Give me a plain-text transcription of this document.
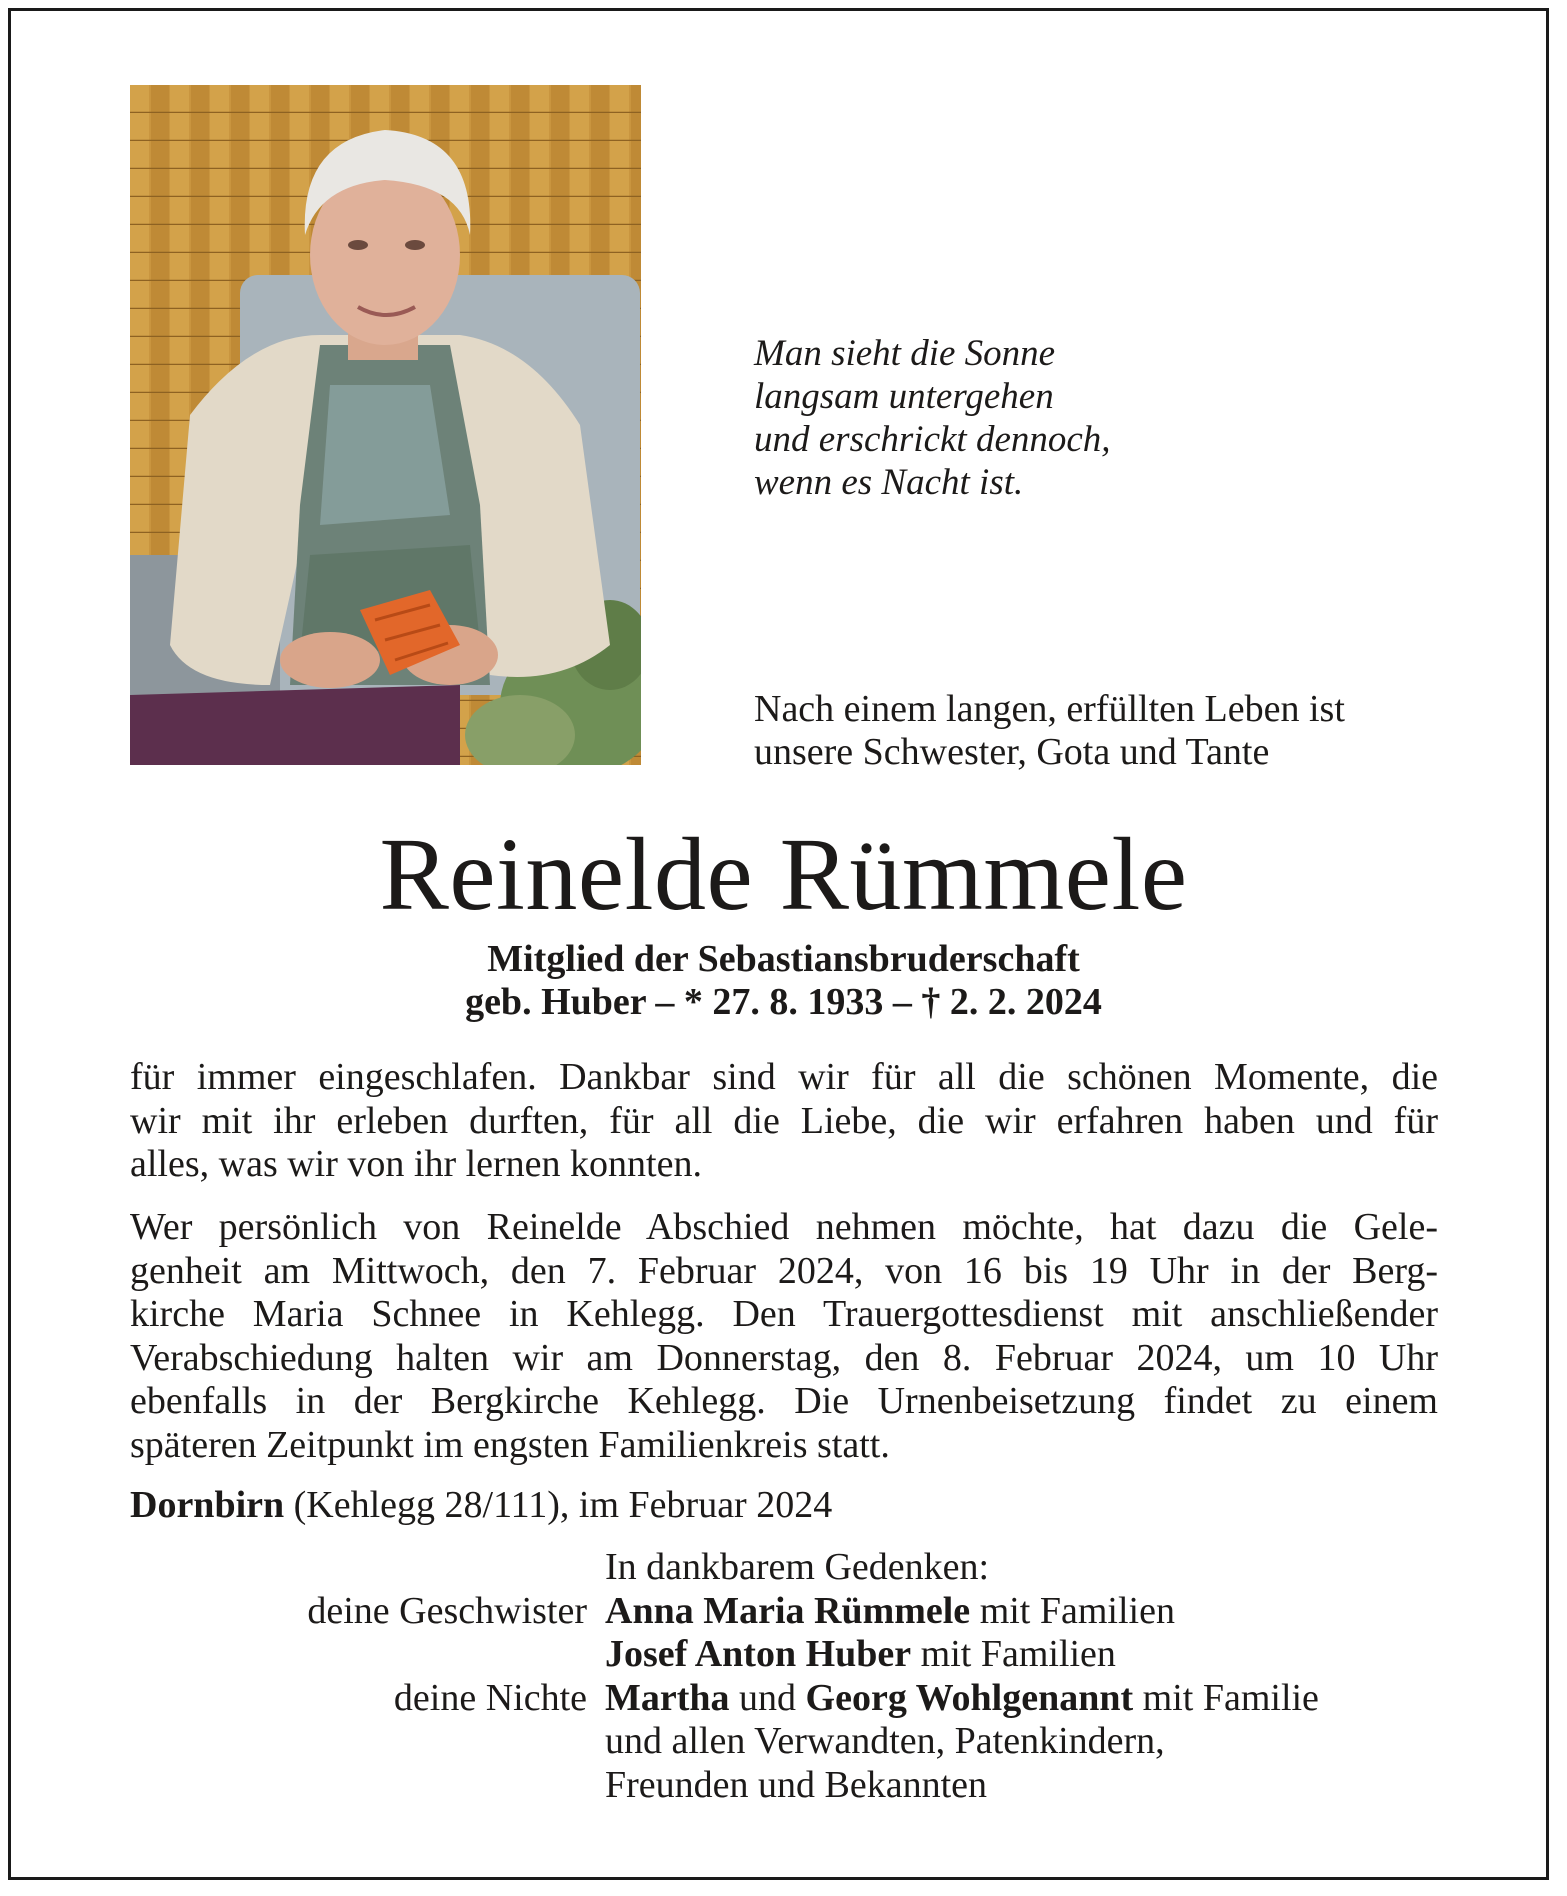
Man sieht die Sonne
langsam untergehen
und erschrickt dennoch,
wenn es Nacht ist.
Nach einem langen, erfüllten Leben ist
unsere Schwester, Gota und Tante
Reinelde Rümmele
Mitglied der Sebastiansbruderschaft
geb. Huber – * 27. 8. 1933 – † 2. 2. 2024
für immer eingeschlafen. Dankbar sind wir für all die schönen Momente, die
wir mit ihr erleben durften, für all die Liebe, die wir erfahren haben und für
alles, was wir von ihr lernen konnten.
Wer persönlich von Reinelde Abschied nehmen möchte, hat dazu die Gele-
genheit am Mittwoch, den 7. Februar 2024, von 16 bis 19 Uhr in der Berg-
kirche Maria Schnee in Kehlegg. Den Trauergottesdienst mit anschließender
Verabschiedung halten wir am Donnerstag, den 8. Februar 2024, um 10 Uhr
ebenfalls in der Bergkirche Kehlegg. Die Urnenbeisetzung findet zu einem
späteren Zeitpunkt im engsten Familienkreis statt.
Dornbirn (Kehlegg 28/111), im Februar 2024
In dankbarem Gedenken:
deine Geschwister Anna Maria Rümmele mit Familien
Josef Anton Huber mit Familien
deine Nichte Martha und Georg Wohlgenannt mit Familie
und allen Verwandten, Patenkindern,
Freunden und Bekannten
